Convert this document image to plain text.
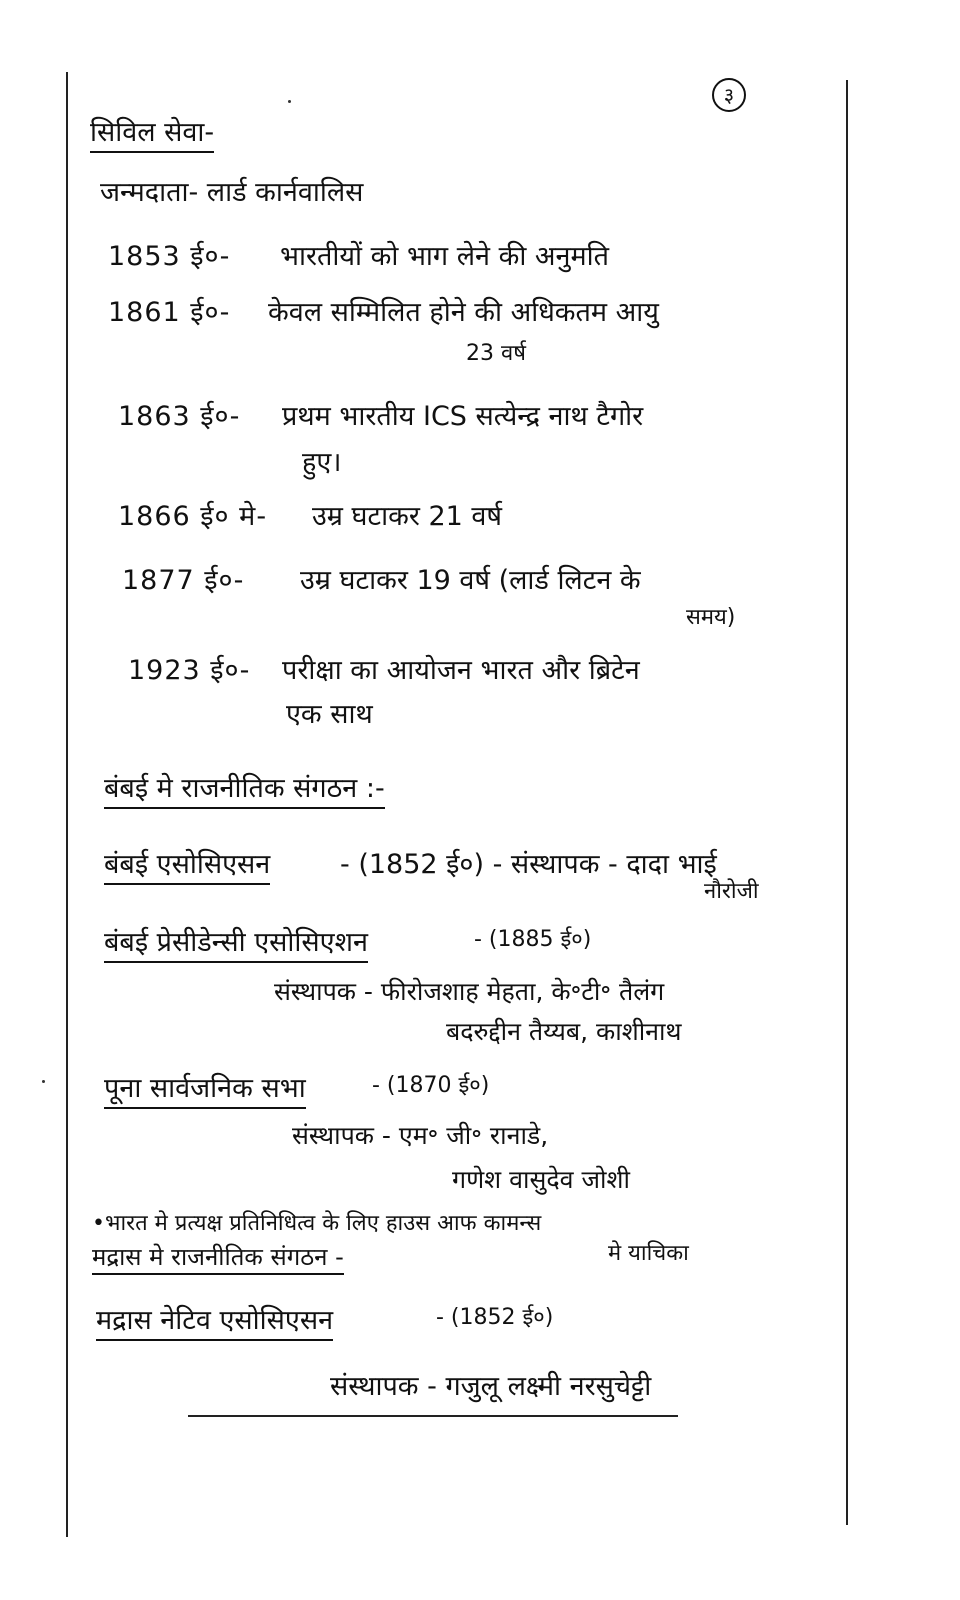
३
सिविल सेवा-
जन्मदाता- लार्ड कार्नवालिस
1853 ई०- भारतीयों को भाग लेने की अनुमति
1861 ई०- केवल सम्मिलित होने की अधिकतम आयु
23 वर्ष
1863 ई०- प्रथम भारतीय ICS सत्येन्द्र नाथ टैगोर
हुए।
1866 ई० मे- उम्र घटाकर 21 वर्ष
1877 ई०- उम्र घटाकर 19 वर्ष (लार्ड लिटन के
समय)
1923 ई०- परीक्षा का आयोजन भारत और ब्रिटेन
एक साथ
बंबई मे राजनीतिक संगठन :-
बंबई एसोसिएसन	- (1852 ई०) - संस्थापक - दादा भाई
नौरोजी
बंबई प्रेसीडेन्सी एसोसिएशन	- (1885 ई०)
संस्थापक - फीरोजशाह मेहता, के॰टी॰ तैलंग
बदरुद्दीन तैय्यब, काशीनाथ
पूना सार्वजनिक सभा	- (1870 ई०)
संस्थापक - एम॰ जी॰ रानाडे,
गणेश वासुदेव जोशी
•भारत मे प्रत्यक्ष प्रतिनिधित्व के लिए हाउस आफ कामन्स
मे याचिका
मद्रास मे राजनीतिक संगठन -
मद्रास नेटिव एसोसिएसन	- (1852 ई०)
संस्थापक - गजुलू लक्ष्मी नरसुचेट्टी
